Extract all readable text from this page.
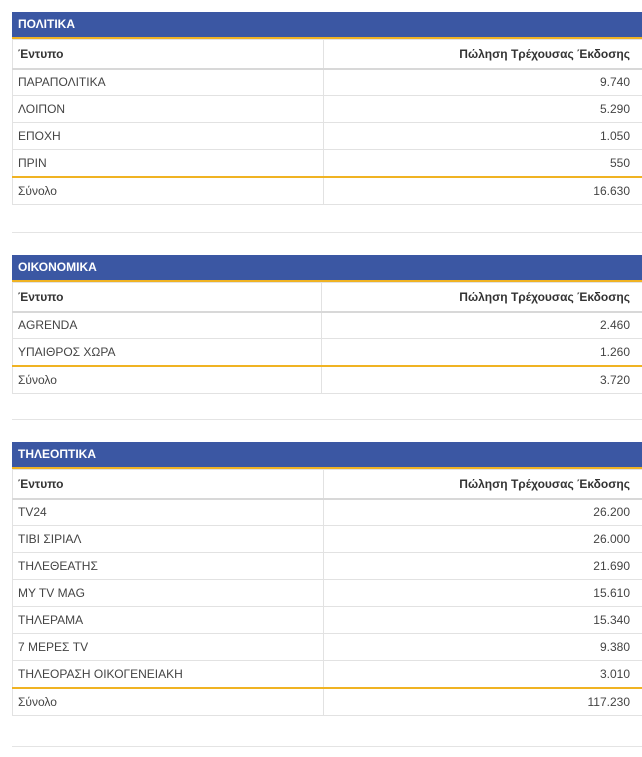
ΠΟΛΙΤΙΚΑ
Έντυπο	Πώληση Τρέχουσας Έκδοσης
ΠΑΡΑΠΟΛΙΤΙΚΑ	9.740
ΛΟΙΠΟΝ	5.290
ΕΠΟΧΗ	1.050
ΠΡΙΝ	550
Σύνολο	16.630
ΟΙΚΟΝΟΜΙΚΑ
Έντυπο	Πώληση Τρέχουσας Έκδοσης
AGRENDA	2.460
ΥΠΑΙΘΡΟΣ ΧΩΡΑ	1.260
Σύνολο	3.720
ΤΗΛΕΟΠΤΙΚΑ
Έντυπο	Πώληση Τρέχουσας Έκδοσης
TV24	26.200
ΤΙΒΙ ΣΙΡΙΑΛ	26.000
ΤΗΛΕΘΕΑΤΗΣ	21.690
MY TV MAG	15.610
ΤΗΛΕΡΑΜΑ	15.340
7 ΜΕΡΕΣ TV	9.380
ΤΗΛΕΟΡΑΣΗ ΟΙΚΟΓΕΝΕΙΑΚΗ	3.010
Σύνολο	117.230
